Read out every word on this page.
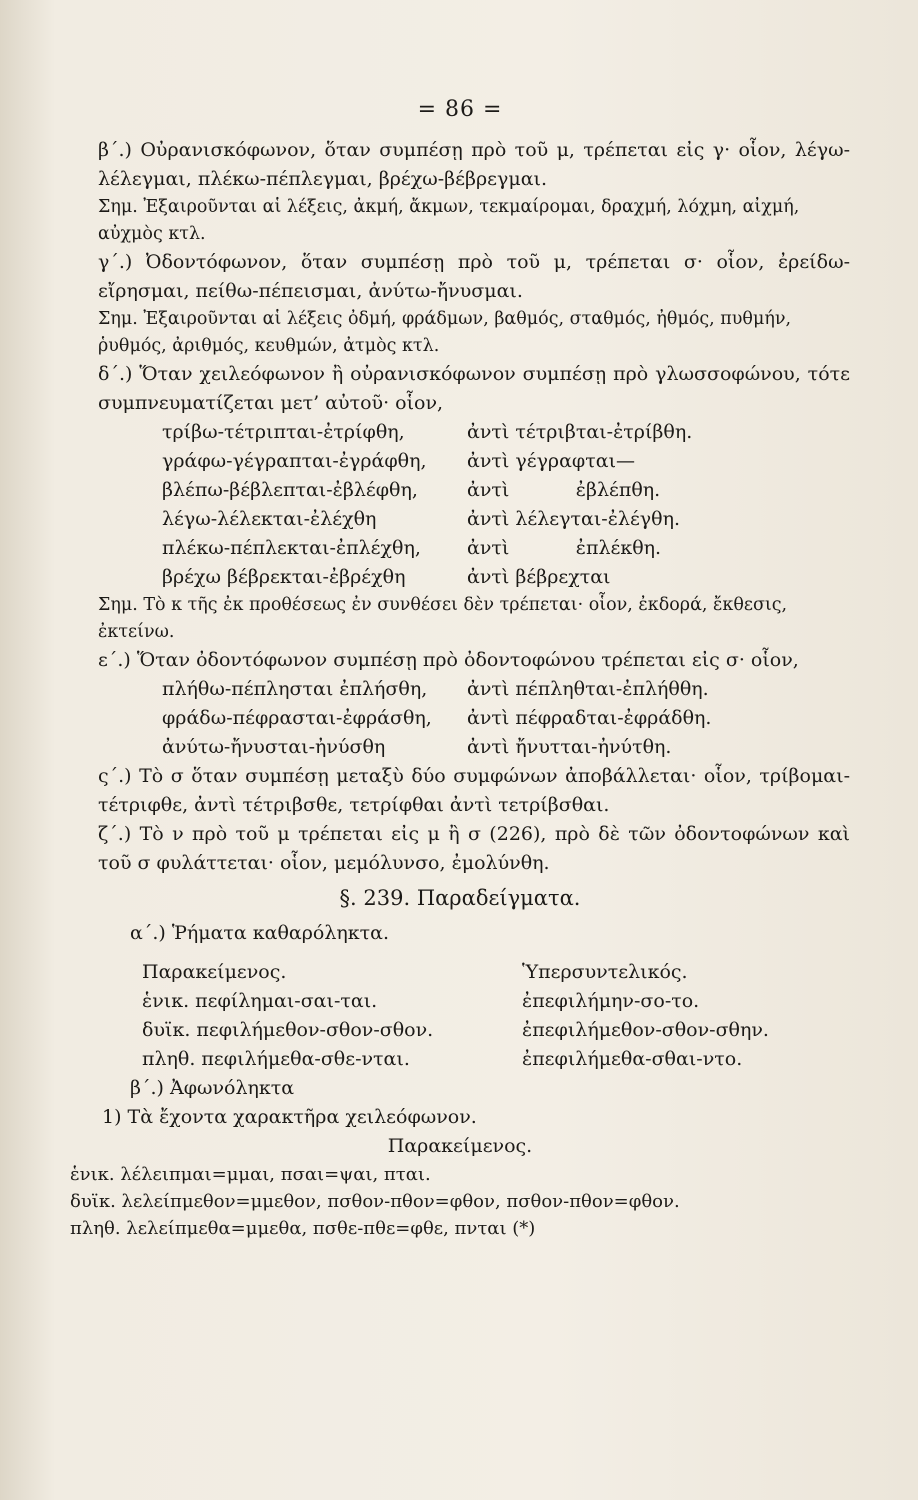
= 86 =

β΄.) Οὐρανισκόφωνον, ὅταν συμπέσῃ πρὸ τοῦ μ, τρέπεται εἰς γ· οἷον, λέγω-λέλεγμαι, πλέκω-πέπλεγμαι, βρέχω-βέβρεγμαι.

Σημ. Ἐξαιροῦνται αἱ λέξεις, ἀκμή, ἄκμων, τεκμαίρομαι, δραχμή, λόχμη, αἰχμή, αὐχμὸς κτλ.

γ΄.) Ὀδοντόφωνον, ὅταν συμπέσῃ πρὸ τοῦ μ, τρέπεται σ· οἷον, ἐρείδω-εἴρησμαι, πείθω-πέπεισμαι, ἀνύτω-ἤνυσμαι.

Σημ. Ἐξαιροῦνται αἱ λέξεις ὀδμή, φράδμων, βαθμός, σταθμός, ἠθμός, πυθμήν, ῥυθμός, ἀριθμός, κευθμών, ἀτμὸς κτλ.

δ΄.) Ὅταν χειλεόφωνον ἢ οὐρανισκόφωνον συμπέσῃ πρὸ γλωσσοφώνου, τότε συμπνευματίζεται μετ’ αὐτοῦ· οἷον,

τρίβω-τέτριπται-ἐτρίφθη,	ἀντὶ τέτριβται-ἐτρίβθη.
γράφω-γέγραπται-ἐγράφθη,	ἀντὶ γέγραφται—
βλέπω-βέβλεπται-ἐβλέφθη,	ἀντὶ           ἐβλέπθη.
λέγω-λέλεκται-ἐλέχθη	ἀντὶ λέλεγται-ἐλέγθη.
πλέκω-πέπλεκται-ἐπλέχθη,	ἀντὶ           ἐπλέκθη.
βρέχω βέβρεκται-ἐβρέχθη	ἀντὶ βέβρεχται

Σημ. Τὸ κ τῆς ἐκ προθέσεως ἐν συνθέσει δὲν τρέπεται· οἷον, ἐκδορά, ἔκθεσις, ἐκτείνω.

ε΄.) Ὅταν ὀδοντόφωνον συμπέσῃ πρὸ ὀδοντοφώνου τρέπεται εἰς σ· οἷον,

πλήθω-πέπλησται ἐπλήσθη,	ἀντὶ πέπληθται-ἐπλήθθη.
φράδω-πέφρασται-ἐφράσθη,	ἀντὶ πέφραδται-ἐφράδθη.
ἀνύτω-ἤνυσται-ἠνύσθη	ἀντὶ ἤνυτται-ἠνύτθη.

ς΄.) Τὸ σ ὅταν συμπέσῃ μεταξὺ δύο συμφώνων ἀποβάλλεται· οἷον, τρίβομαι-τέτριφθε, ἀντὶ τέτριβσθε, τετρίφθαι ἀντὶ τετρίβσθαι.

ζ΄.) Τὸ ν πρὸ τοῦ μ τρέπεται εἰς μ ἢ σ (226), πρὸ δὲ τῶν ὀδοντοφώνων καὶ τοῦ σ φυλάττεται· οἷον, μεμόλυνσο, ἐμολύνθη.

§. 239. Παραδείγματα.
α΄.) Ῥήματα καθαρόληκτα.
Παρακείμενος.	Ὑπερσυντελικός.
ἑνικ. πεφίλημαι-σαι-ται.	ἐπεφιλήμην-σο-το.
δυϊκ. πεφιλήμεθον-σθον-σθον.	ἐπεφιλήμεθον-σθον-σθην.
πληθ. πεφιλήμεθα-σθε-νται.	ἐπεφιλήμεθα-σθαι-ντο.
β΄.) Ἀφωνόληκτα
1) Τὰ ἔχοντα χαρακτῆρα χειλεόφωνον.
Παρακείμενος.
ἑνικ. λέλειπμαι=μμαι, πσαι=ψαι, πται.
δυϊκ. λελείπμεθον=μμεθον, πσθον-πθον=φθον, πσθον-πθον=φθον.
πληθ. λελείπμεθα=μμεθα, πσθε-πθε=φθε, πνται (*)
